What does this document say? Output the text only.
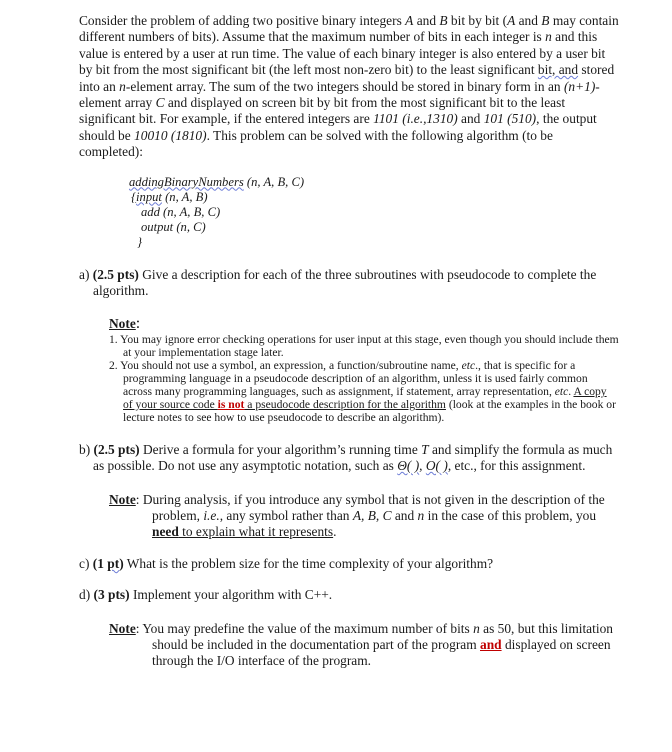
Consider the problem of adding two positive binary integers A and B bit by bit (A and B may contain different numbers of bits). Assume that the maximum number of bits in each integer is n and this value is entered by a user at run time. The value of each binary integer is also entered by a user bit by bit from the most significant bit (the left most non-zero bit) to the least significant bit, and stored into an n-element array. The sum of the two integers should be stored in binary form in an (n+1)-element array C and displayed on screen bit by bit from the most significant bit to the least significant bit. For example, if the entered integers are 1101 (i.e.,1310) and 101 (510), the output should be 10010 (1810). This problem can be solved with the following algorithm (to be completed):

addingBinaryNumbers (n, A, B, C)
{input (n, A, B)
add (n, A, B, C)
output (n, C)
}

a) (2.5 pts) Give a description for each of the three subroutines with pseudocode to complete the algorithm.

Note:
1. You may ignore error checking operations for user input at this stage, even though you should include them at your implementation stage later.
2. You should not use a symbol, an expression, a function/subroutine name, etc., that is specific for a programming language in a pseudocode description of an algorithm, unless it is used fairly common across many programming languages, such as assignment, if statement, array representation, etc. A copy of your source code is not a pseudocode description for the algorithm (look at the examples in the book or lecture notes to see how to use pseudocode to describe an algorithm).

b) (2.5 pts) Derive a formula for your algorithm’s running time T and simplify the formula as much as possible. Do not use any asymptotic notation, such as Θ( ), O( ), etc., for this assignment.

Note: During analysis, if you introduce any symbol that is not given in the description of the problem, i.e., any symbol rather than A, B, C and n in the case of this problem, you need to explain what it represents.

c) (1 pt) What is the problem size for the time complexity of your algorithm?

d) (3 pts) Implement your algorithm with C++.

Note: You may predefine the value of the maximum number of bits n as 50, but this limitation should be included in the documentation part of the program and displayed on screen through the I/O interface of the program.
